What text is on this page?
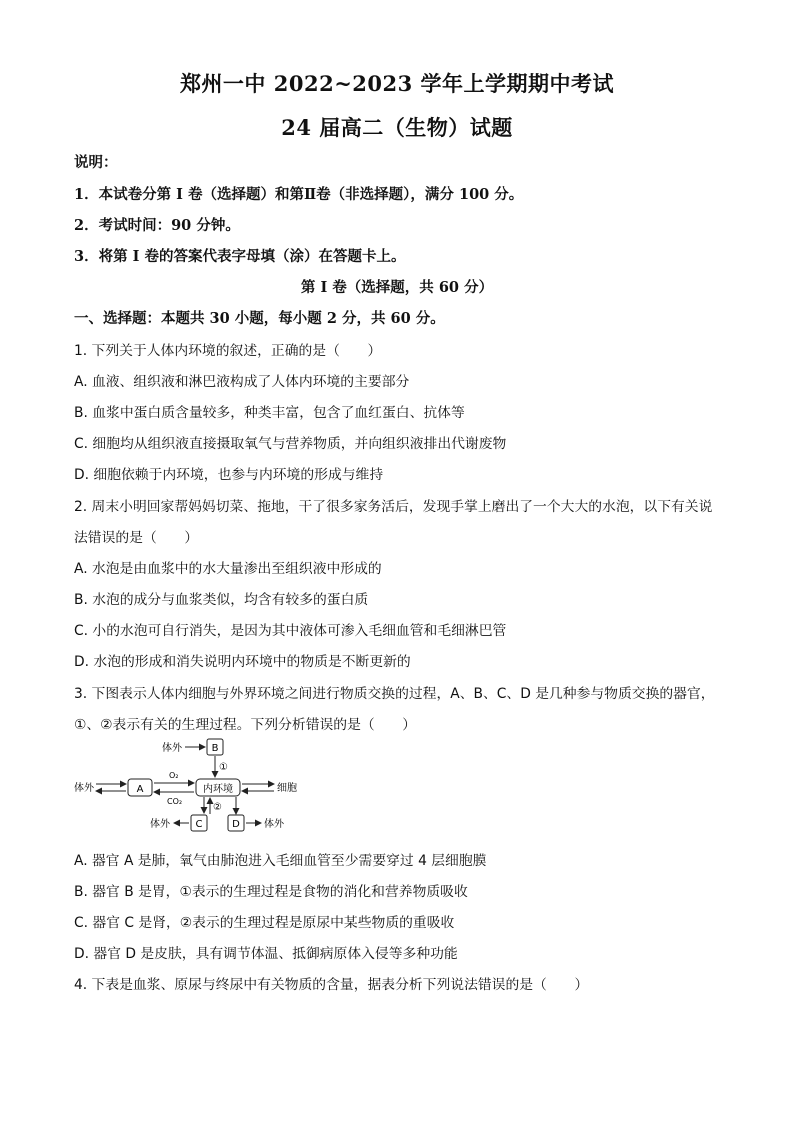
郑州一中 2022~2023 学年上学期期中考试
24 届高二（生物）试题
说明：
1．本试卷分第 I 卷（选择题）和第Ⅱ卷（非选择题），满分 100 分。
2．考试时间：90 分钟。
3．将第 I 卷的答案代表字母填（涂）在答题卡上。
第 I 卷（选择题，共 60 分）
一、选择题：本题共 30 小题，每小题 2 分，共 60 分。
1. 下列关于人体内环境的叙述，正确的是（　　）
A. 血液、组织液和淋巴液构成了人体内环境的主要部分
B. 血浆中蛋白质含量较多，种类丰富，包含了血红蛋白、抗体等
C. 细胞均从组织液直接摄取氧气与营养物质，并向组织液排出代谢废物
D. 细胞依赖于内环境，也参与内环境的形成与维持
2. 周末小明回家帮妈妈切菜、拖地，干了很多家务活后，发现手掌上磨出了一个大大的水泡，以下有关说
法错误的是（　　）
A. 水泡是由血浆中的水大量渗出至组织液中形成的
B. 水泡的成分与血浆类似，均含有较多的蛋白质
C. 小的水泡可自行消失，是因为其中液体可渗入毛细血管和毛细淋巴管
D. 水泡的形成和消失说明内环境中的物质是不断更新的
3. 下图表示人体内细胞与外界环境之间进行物质交换的过程，A、B、C、D 是几种参与物质交换的器官，
①、②表示有关的生理过程。下列分析错误的是（　　）
体外	B
①
体外	A
O₂
CO₂
内环境	细胞
②
C
体外	D 体外
A. 器官 A 是肺，氧气由肺泡进入毛细血管至少需要穿过 4 层细胞膜
B. 器官 B 是胃，①表示的生理过程是食物的消化和营养物质吸收
C. 器官 C 是肾，②表示的生理过程是原尿中某些物质的重吸收
D. 器官 D 是皮肤，具有调节体温、抵御病原体入侵等多种功能
4. 下表是血浆、原尿与终尿中有关物质的含量，据表分析下列说法错误的是（　　）
